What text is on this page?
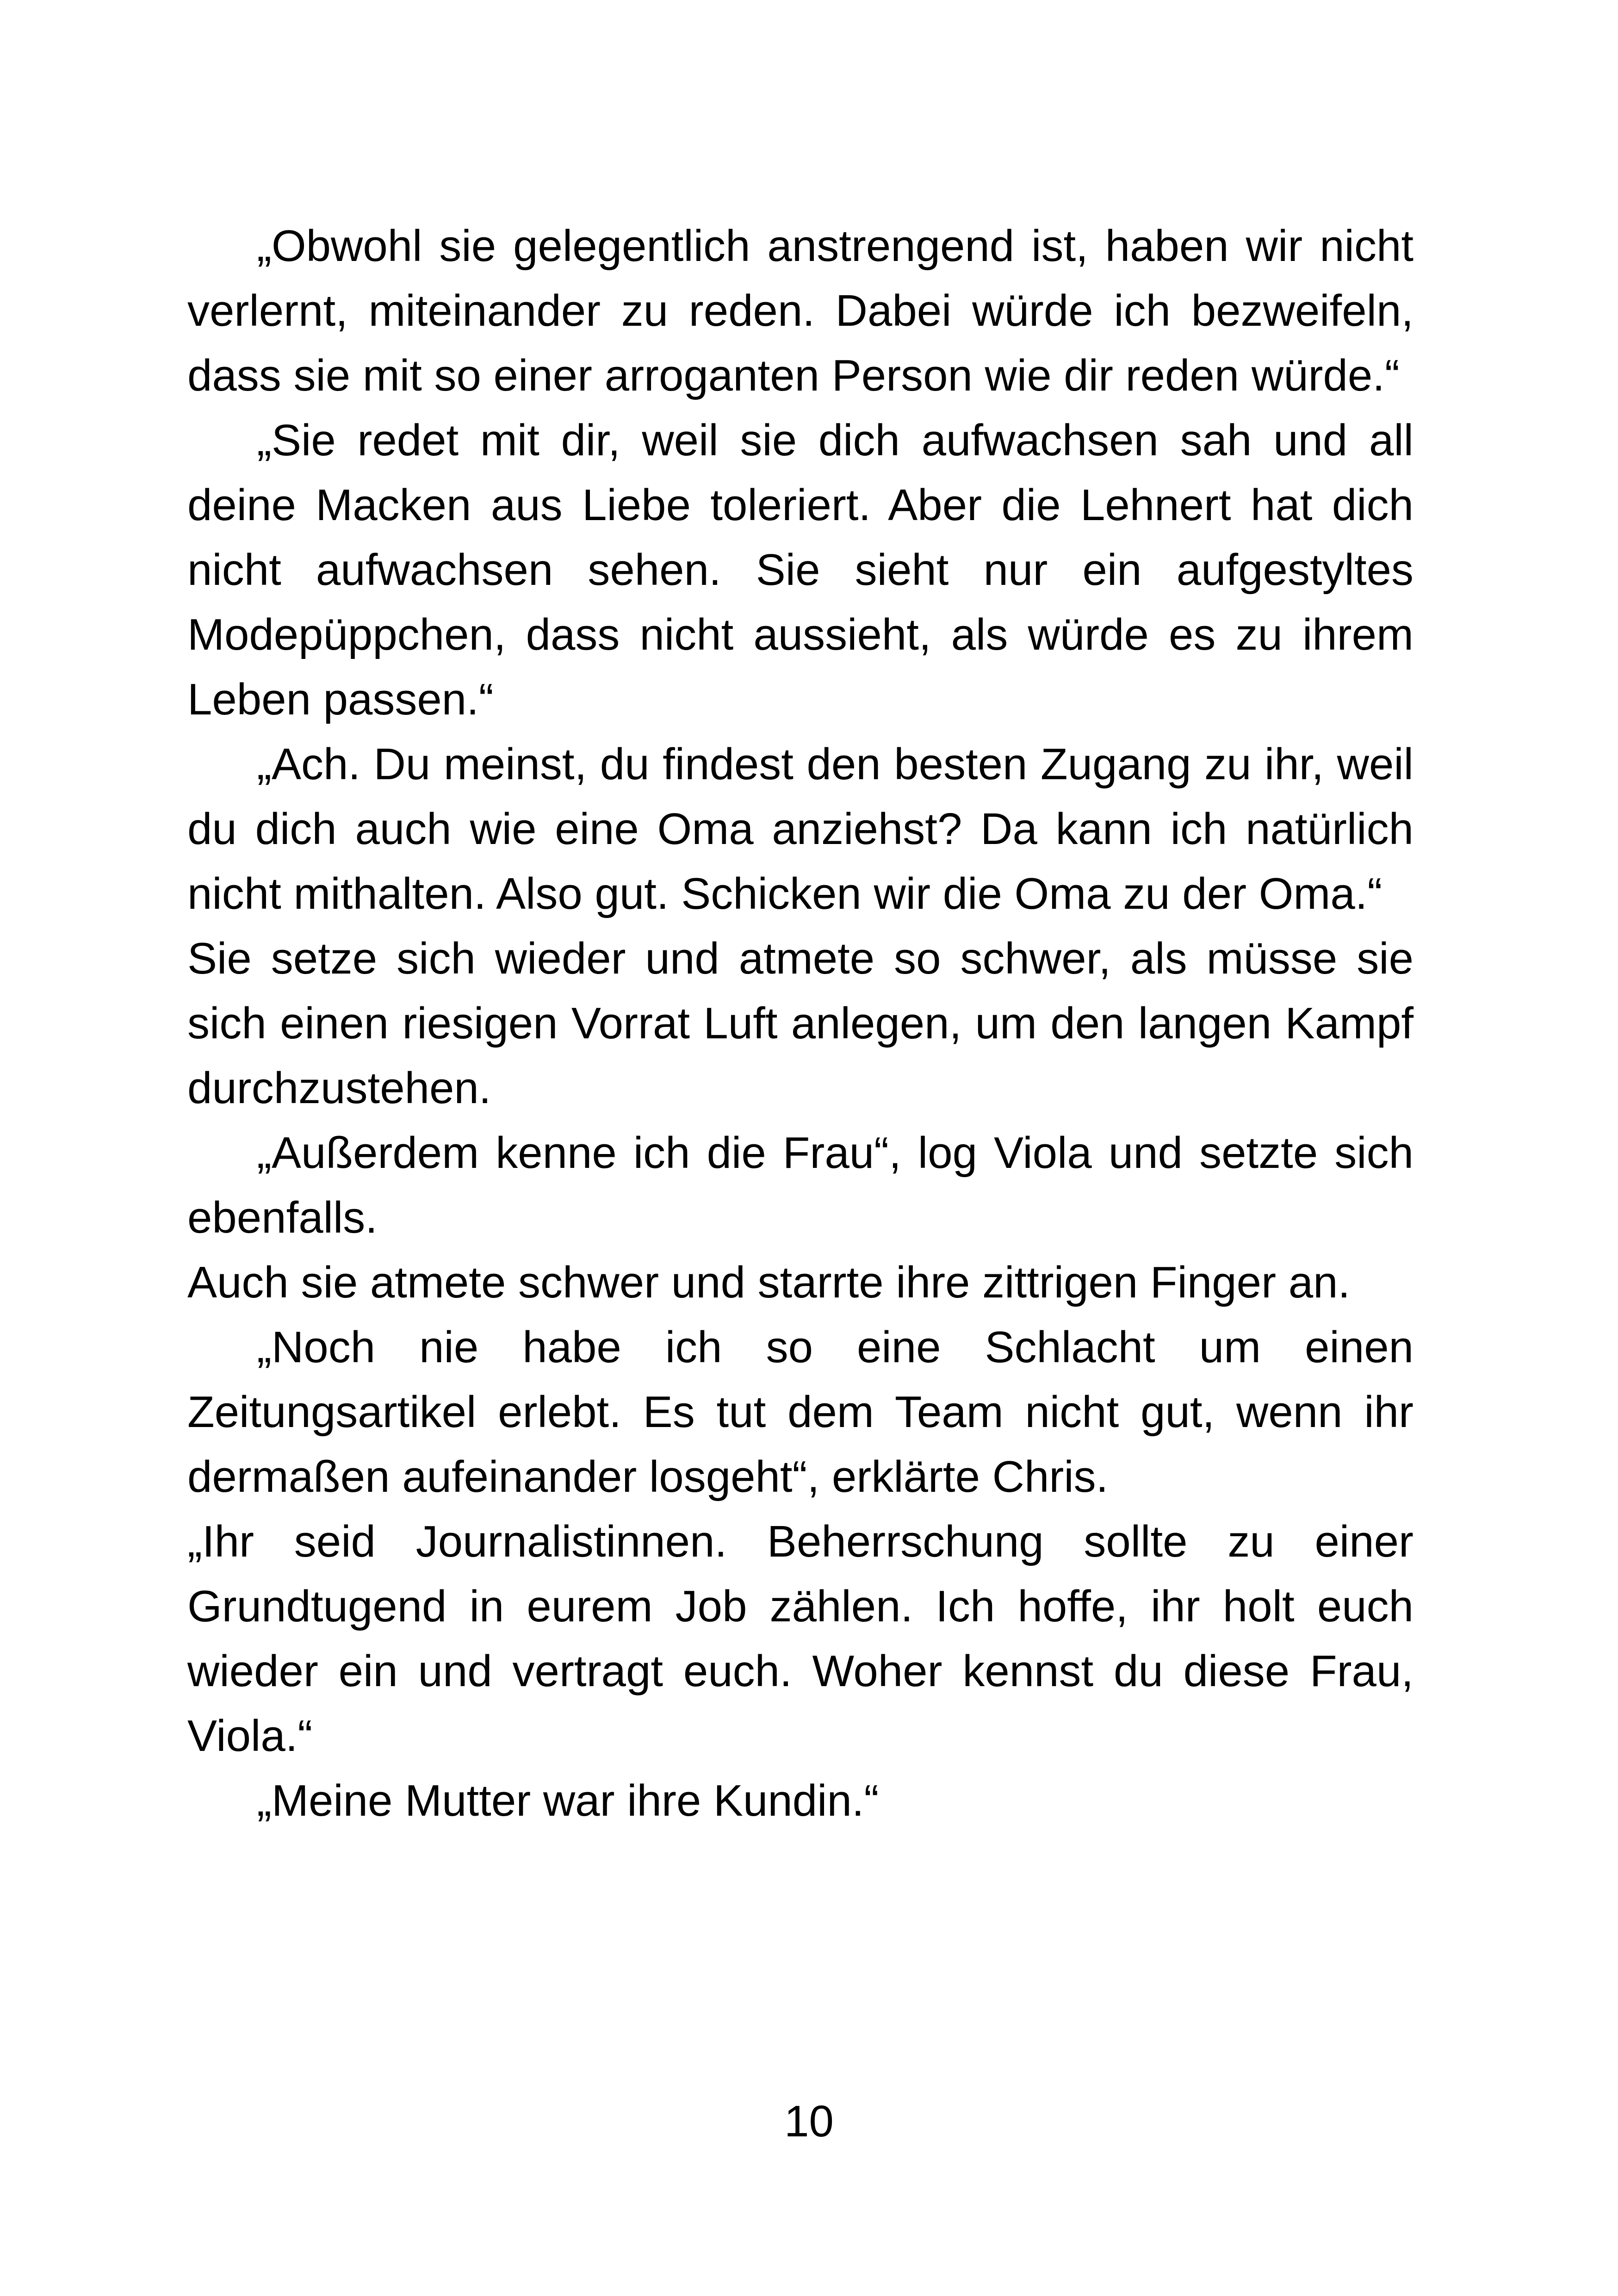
„Obwohl sie gelegentlich anstrengend ist, haben wir nicht verlernt, miteinander zu reden. Dabei würde ich bezweifeln, dass sie mit so einer arroganten Person wie dir reden würde.“

„Sie redet mit dir, weil sie dich aufwachsen sah und all deine Macken aus Liebe toleriert. Aber die Lehnert hat dich nicht aufwachsen sehen. Sie sieht nur ein aufgestyltes Modepüppchen, dass nicht aussieht, als würde es zu ihrem Leben passen.“

„Ach. Du meinst, du findest den besten Zugang zu ihr, weil du dich auch wie eine Oma anziehst? Da kann ich natürlich nicht mithalten. Also gut. Schicken wir die Oma zu der Oma.“

Sie setze sich wieder und atmete so schwer, als müsse sie sich einen riesigen Vorrat Luft anlegen, um den langen Kampf durchzustehen.

„Außerdem kenne ich die Frau“, log Viola und setzte sich ebenfalls.

Auch sie atmete schwer und starrte ihre zittrigen Finger an.

„Noch nie habe ich so eine Schlacht um einen Zeitungsartikel erlebt. Es tut dem Team nicht gut, wenn ihr dermaßen aufeinander losgeht“, erklärte Chris.

„Ihr seid Journalistinnen. Beherrschung sollte zu einer Grundtugend in eurem Job zählen. Ich hoffe, ihr holt euch wieder ein und vertragt euch. Woher kennst du diese Frau, Viola.“

„Meine Mutter war ihre Kundin.“

10
